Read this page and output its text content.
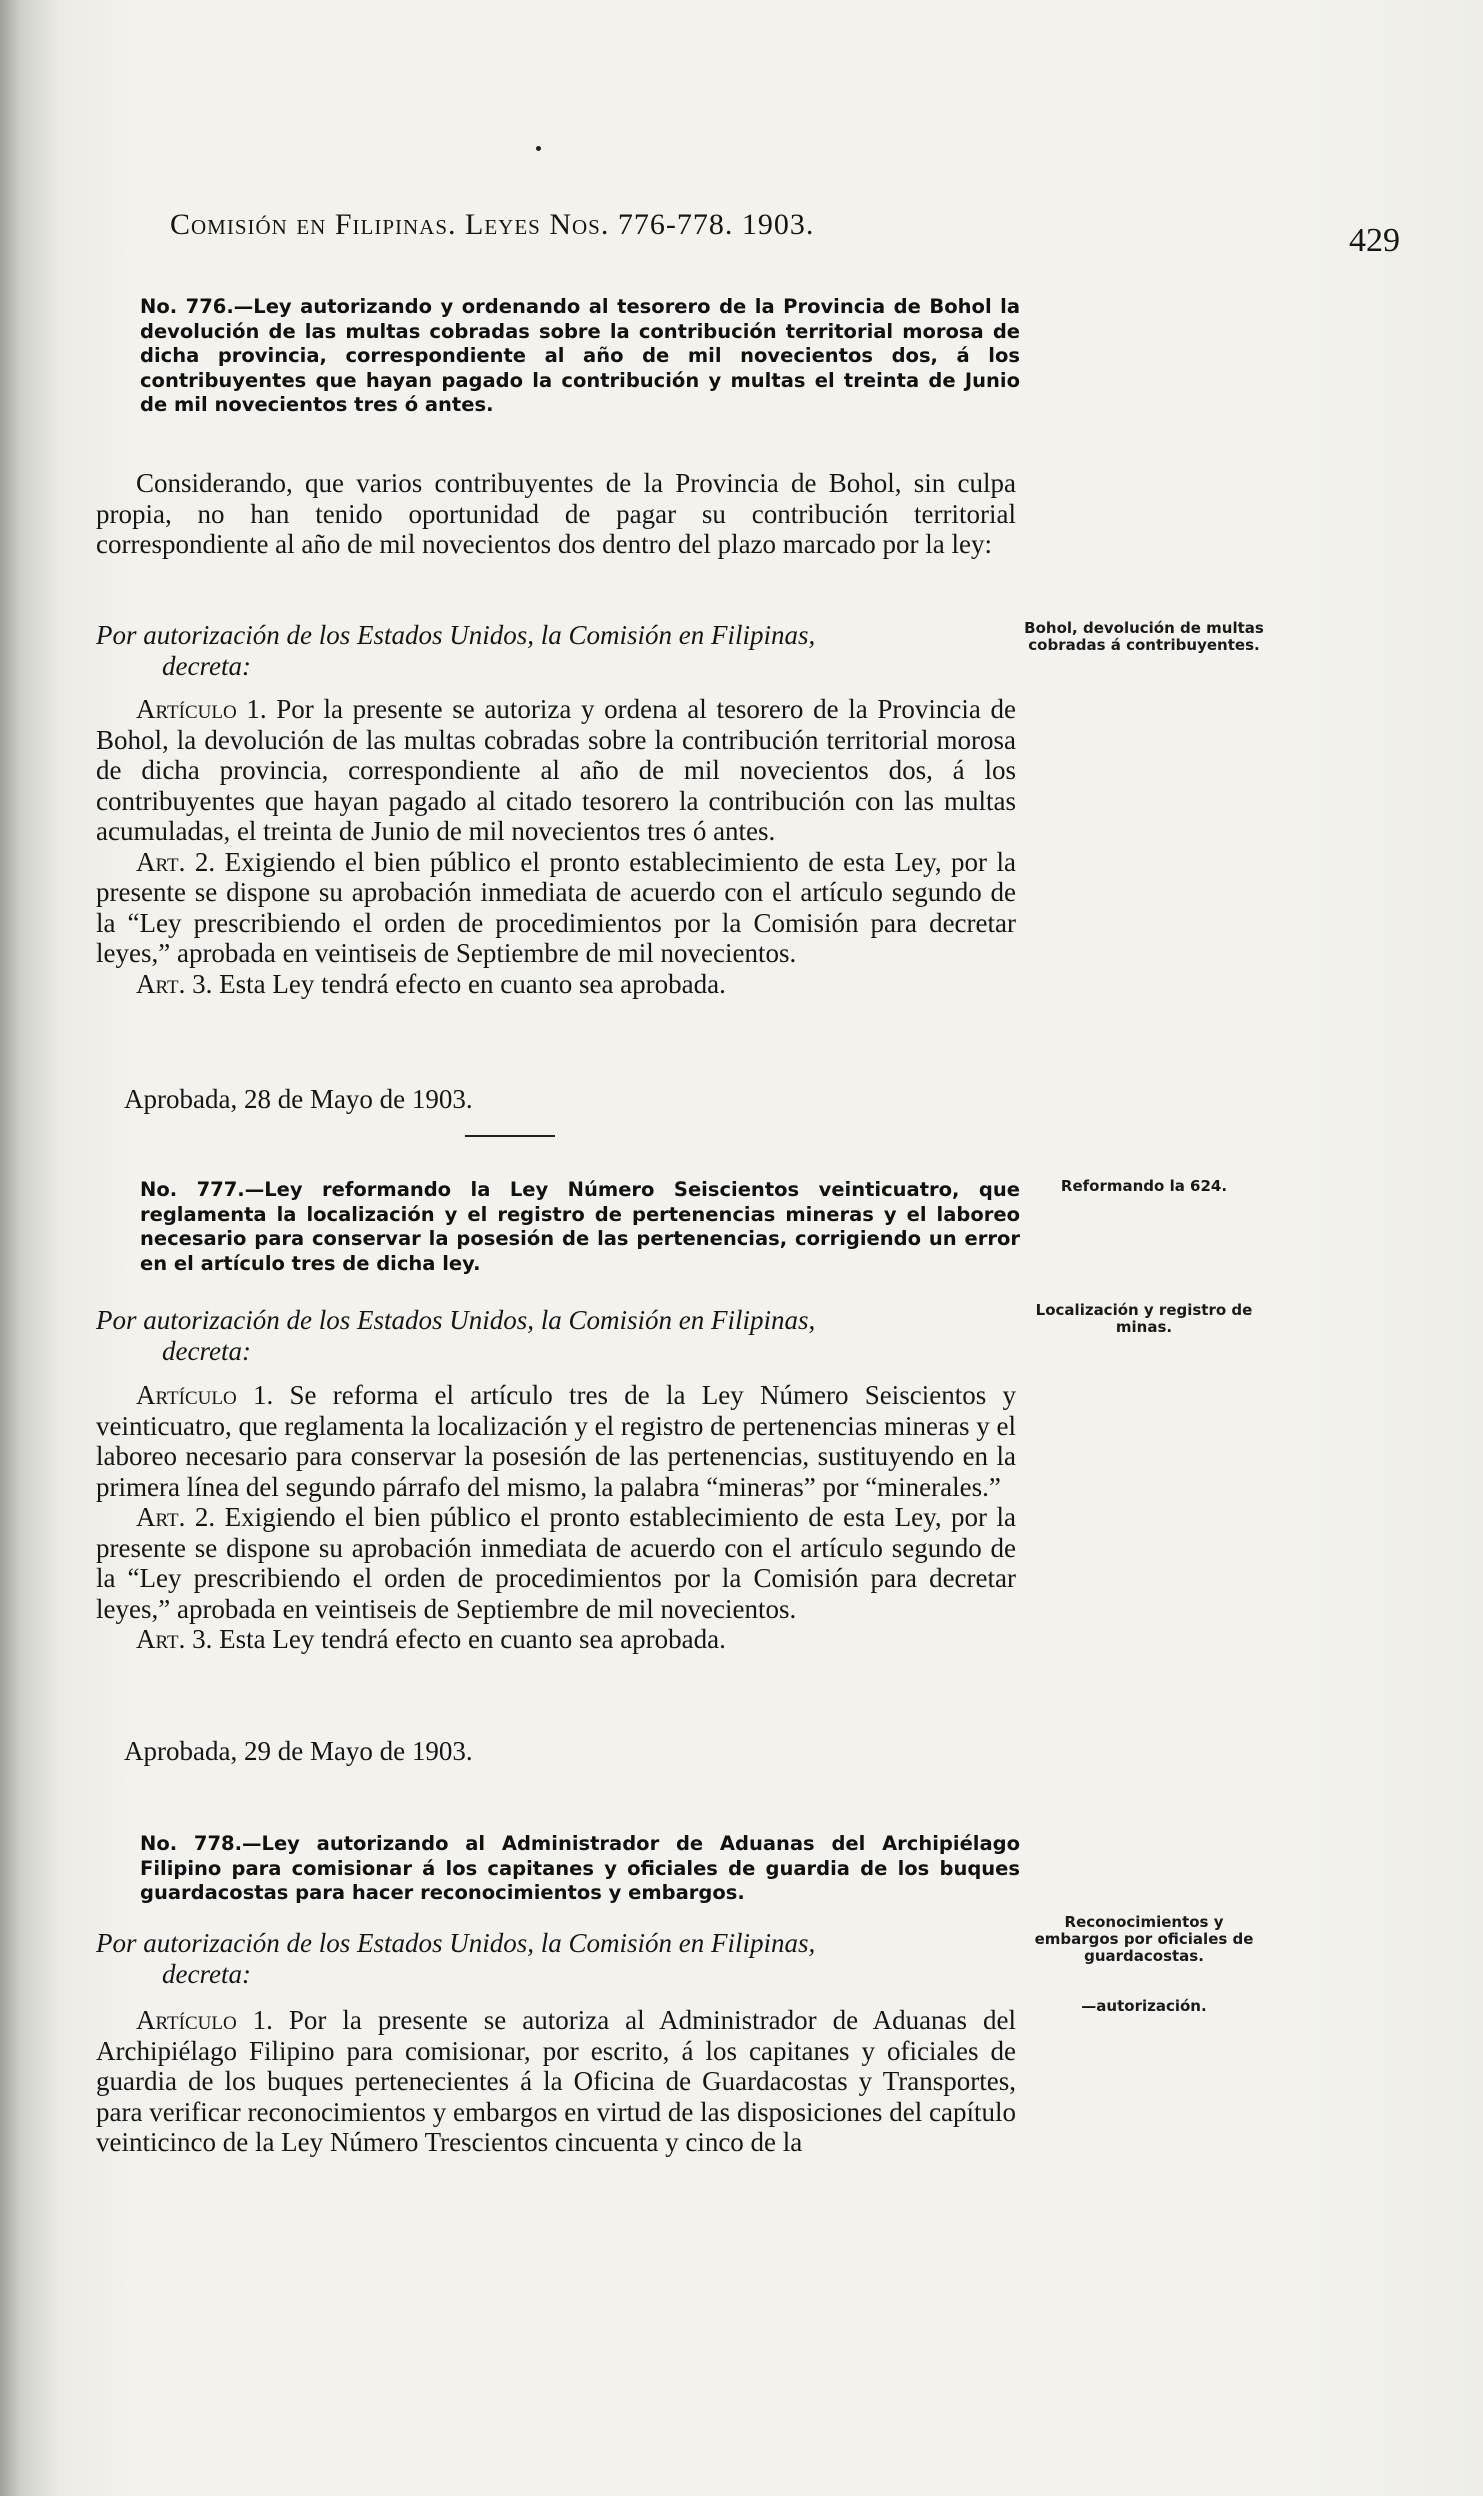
Comisión en Filipinas. Leyes Nos. 776-778. 1903.	429
No. 776.—Ley autorizando y ordenando al tesorero de la Provincia de Bohol la devolución de las multas cobradas sobre la contribución territorial morosa de dicha provincia, correspondiente al año de mil novecientos dos, á los contribuyentes que hayan pagado la contribución y multas el treinta de Junio de mil novecientos tres ó antes.

Considerando, que varios contribuyentes de la Provincia de Bohol, sin culpa propia, no han tenido oportunidad de pagar su contribución territorial correspondiente al año de mil novecientos dos dentro del plazo marcado por la ley:

Por autorización de los Estados Unidos, la Comisión en Filipinas,
decreta:
Bohol, devolución de multas cobradas á contribuyentes.

Artículo 1. Por la presente se autoriza y ordena al tesorero de la Provincia de Bohol, la devolución de las multas cobradas sobre la contribución territorial morosa de dicha provincia, correspondiente al año de mil novecientos dos, á los contribuyentes que hayan pagado al citado tesorero la contribución con las multas acumuladas, el treinta de Junio de mil novecientos tres ó antes.

Art. 2. Exigiendo el bien público el pronto establecimiento de esta Ley, por la presente se dispone su aprobación inmediata de acuerdo con el artículo segundo de la “Ley prescribiendo el orden de procedimientos por la Comisión para decretar leyes,” aprobada en veintiseis de Septiembre de mil novecientos.

Art. 3. Esta Ley tendrá efecto en cuanto sea aprobada.

Aprobada, 28 de Mayo de 1903.
No. 777.—Ley reformando la Ley Número Seiscientos veinticuatro, que reglamenta la localización y el registro de pertenencias mineras y el laboreo necesario para conservar la posesión de las pertenencias, corrigiendo un error en el artículo tres de dicha ley.
Reformando la 624.
Por autorización de los Estados Unidos, la Comisión en Filipinas,
decreta:
Localización y registro de minas.

Artículo 1. Se reforma el artículo tres de la Ley Número Seiscientos y veinticuatro, que reglamenta la localización y el registro de pertenencias mineras y el laboreo necesario para conservar la posesión de las pertenencias, sustituyendo en la primera línea del segundo párrafo del mismo, la palabra “mineras” por “minerales.”

Art. 2. Exigiendo el bien público el pronto establecimiento de esta Ley, por la presente se dispone su aprobación inmediata de acuerdo con el artículo segundo de la “Ley prescribiendo el orden de procedimientos por la Comisión para decretar leyes,” aprobada en veintiseis de Septiembre de mil novecientos.

Art. 3. Esta Ley tendrá efecto en cuanto sea aprobada.

Aprobada, 29 de Mayo de 1903.
No. 778.—Ley autorizando al Administrador de Aduanas del Archipiélago Filipino para comisionar á los capitanes y oficiales de guardia de los buques guardacostas para hacer reconocimientos y embargos.
Por autorización de los Estados Unidos, la Comisión en Filipinas,
decreta:
Reconocimientos y embargos por oficiales de guardacostas.
—autorización.

Artículo 1. Por la presente se autoriza al Administrador de Aduanas del Archipiélago Filipino para comisionar, por escrito, á los capitanes y oficiales de guardia de los buques pertenecientes á la Oficina de Guardacostas y Transportes, para verificar reconocimientos y embargos en virtud de las disposiciones del capítulo veinticinco de la Ley Número Trescientos cincuenta y cinco de la
